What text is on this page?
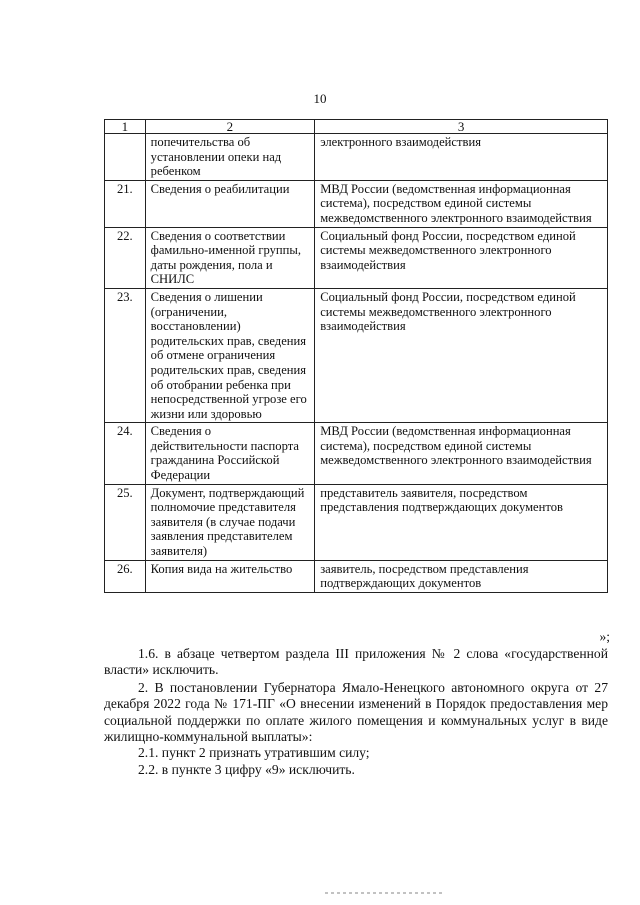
10
1	2	3
	попечительства об установлении опеки над ребенком	электронного взаимодействия
21.	Сведения о реабилитации	МВД России (ведомственная информационная система), посредством единой системы межведомственного электронного взаимодействия
22.	Сведения о соответствии фамильно-именной группы, даты рождения, пола и СНИЛС	Социальный фонд России, посредством единой системы межведомственного электронного взаимодействия
23.	Сведения о лишении (ограничении, восстановлении) родительских прав, сведения об отмене ограничения родительских прав, сведения об отобрании ребенка при непосредственной угрозе его жизни или здоровью	Социальный фонд России, посредством единой системы межведомственного электронного взаимодействия
24.	Сведения о действительности паспорта гражданина Российской Федерации	МВД России (ведомственная информационная система), посредством единой системы межведомственного электронного взаимодействия
25.	Документ, подтверждающий полномочие представителя заявителя (в случае подачи заявления представителем заявителя)	представитель заявителя, посредством представления подтверждающих документов
26.	Копия вида на жительство	заявитель, посредством представления подтверждающих документов
»;
1.6. в абзаце четвертом раздела III приложения № 2 слова «государственной власти» исключить.
2. В постановлении Губернатора Ямало-Ненецкого автономного округа от 27 декабря 2022 года № 171-ПГ «О внесении изменений в Порядок предоставления мер социальной поддержки по оплате жилого помещения и коммунальных услуг в виде жилищно-коммунальной выплаты»:
2.1. пункт 2 признать утратившим силу;
2.2. в пункте 3 цифру «9» исключить.
